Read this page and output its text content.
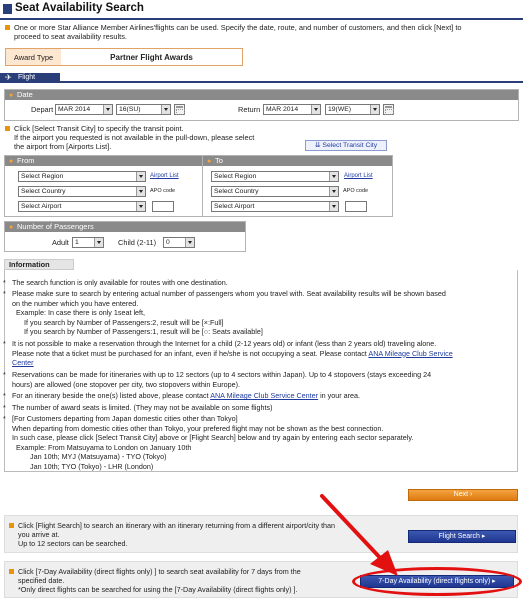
Seat Availability Search
One or more Star Alliance Member Airlines'flights can be used. Specify the date, route, and number of customers, and then click [Next] to
proceed to seat availability results.
Award Type	Partner Flight Awards
✈ Flight
● Date
Depart MAR 2014	16(SU)	Return MAR 2014	19(WE)
Click [Select Transit City] to specify the transit point.
If the airport you requested is not available in the pull-down, please select
the airport from [Airports List].	⇊ Select Transit City
● From	● To
Select Region	Airport List
Select Country	APO code
Select Airport
Select Region	Airport List
Select Country	APO code
Select Airport
● Number of Passengers
Adult 1	Child (2-11)	0
Information
* The search function is only available for routes with one destination.
* Please make sure to search by entering actual number of passengers whom you travel with. Seat availability results will be shown based
on the number which you have entered.
Example: In case there is only 1seat left,
If you search by Number of Passengers:2, result will be [×:Full]
If you search by Number of Passengers:1, result will be [○: Seats available]
* It is not possible to make a reservation through the Internet for a child (2-12 years old) or infant (less than 2 years old) traveling alone.
Please note that a ticket must be purchased for an infant, even if he/she is not occupying a seat. Please contact ANA Mileage Club Service
Center
* Reservations can be made for itineraries with up to 12 sectors (up to 4 sectors within Japan). Up to 4 stopovers (stays exceeding 24
hours) are allowed (one stopover per city, two stopovers within Europe).
* For an itinerary beside the one(s) listed above, please contact ANA Mileage Club Service Center in your area.
* The number of award seats is limited. (They may not be available on some flights)
* [For Customers departing from Japan domestic cities other than Tokyo]
When departing from domestic cities other than Tokyo, your prefered flight may not be shown as the best connection.
In such case, please click [Select Transit City] above or [Flight Search] below and try again by entering each sector separately.
Example: From Matsuyama to London on January 10th
Jan 10th; MYJ (Matsuyama) - TYO (Tokyo)
Jan 10th; TYO (Tokyo) - LHR (London)
Next ›
Click [Flight Search] to search an itinerary with an itinerary returning from a different airport/city than
you arrive at.
Up to 12 sectors can be searched.
Flight Search ▸
Click [7-Day Availability (direct flights only) ] to search seat availability for 7 days from the
specified date.
*Only direct flights can be searched for using the [7-Day Availability (direct flights only) ].
7-Day Availability (direct flights only) ▸
